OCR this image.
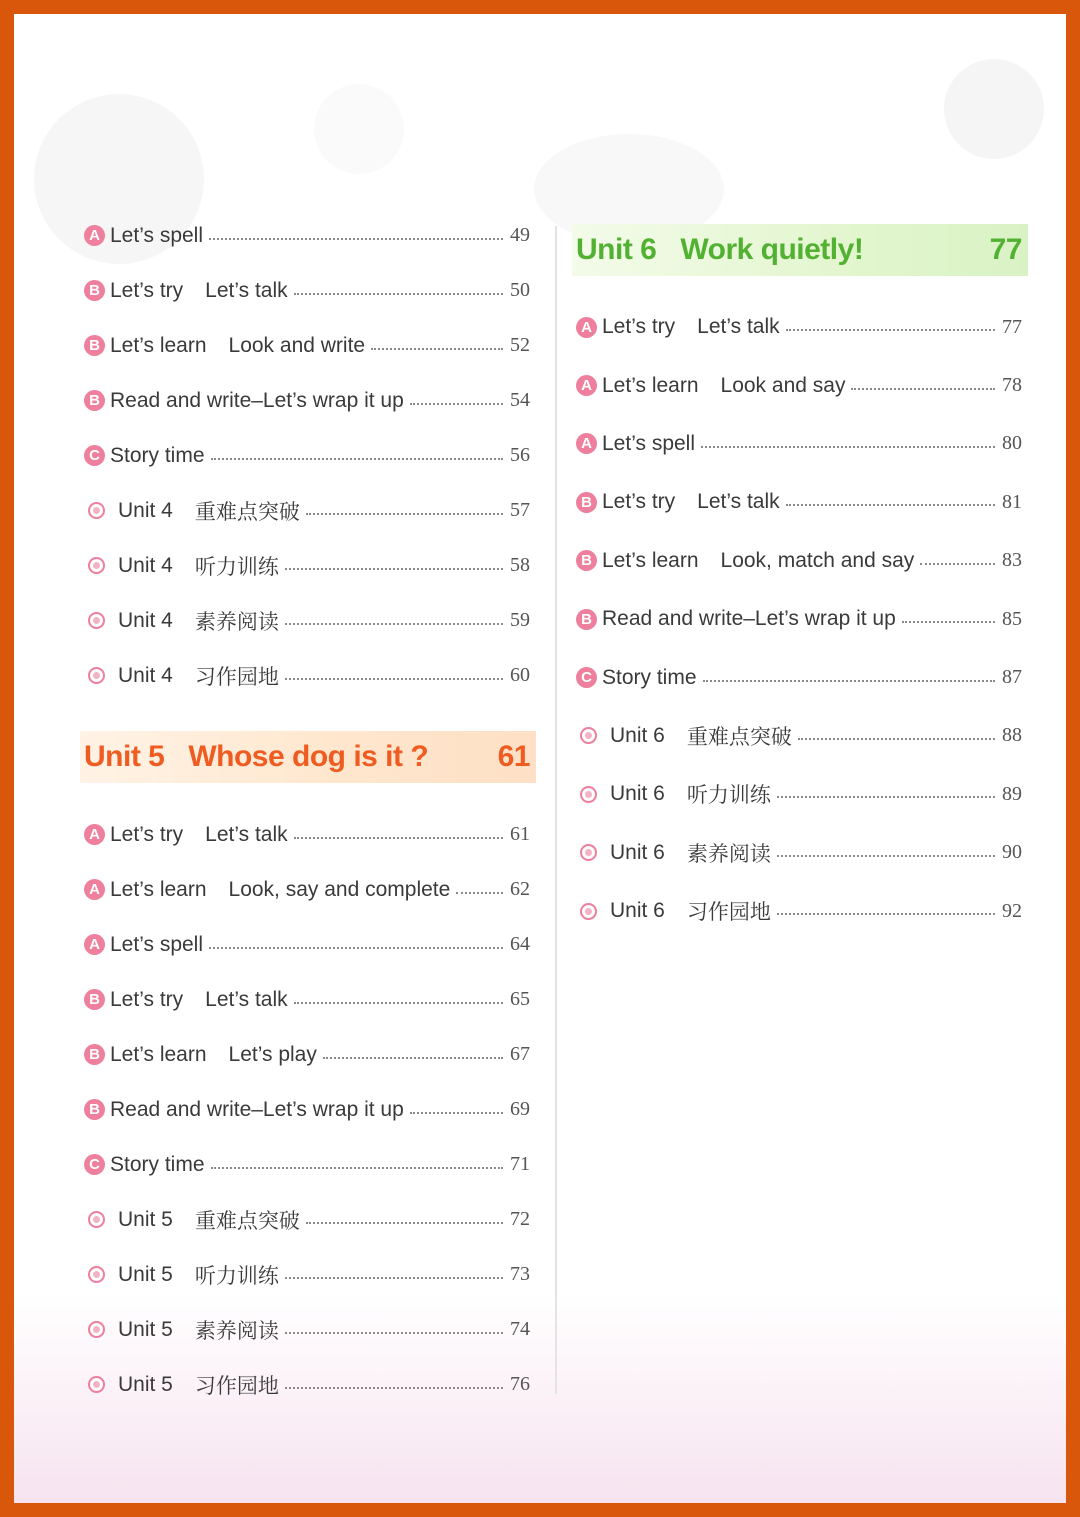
A Let’s spell	49
B Let’s try Let’s talk	50
B Let’s learn Look and write	52
B Read and write–Let’s wrap it up	54
C Story time	56
Unit 4 重难点突破	57
Unit 4 听力训练	58
Unit 4 素养阅读	59
Unit 4 习作园地	60
Unit 5 Whose dog is it ? 61
A Let’s try Let’s talk	61
A Let’s learn Look, say and complete	62
A Let’s spell	64
B Let’s try Let’s talk	65
B Let’s learn Let’s play	67
B Read and write–Let’s wrap it up	69
C Story time	71
Unit 5 重难点突破	72
Unit 5 听力训练	73
Unit 5 素养阅读	74
Unit 5 习作园地	76
Unit 6 Work quietly!	77
A Let’s try Let’s talk	77
A Let’s learn Look and say	78
A Let’s spell	80
B Let’s try Let’s talk	81
B Let’s learn Look, match and say	83
B Read and write–Let’s wrap it up	85
C Story time	87
Unit 6 重难点突破	88
Unit 6 听力训练	89
Unit 6 素养阅读	90
Unit 6 习作园地	92
